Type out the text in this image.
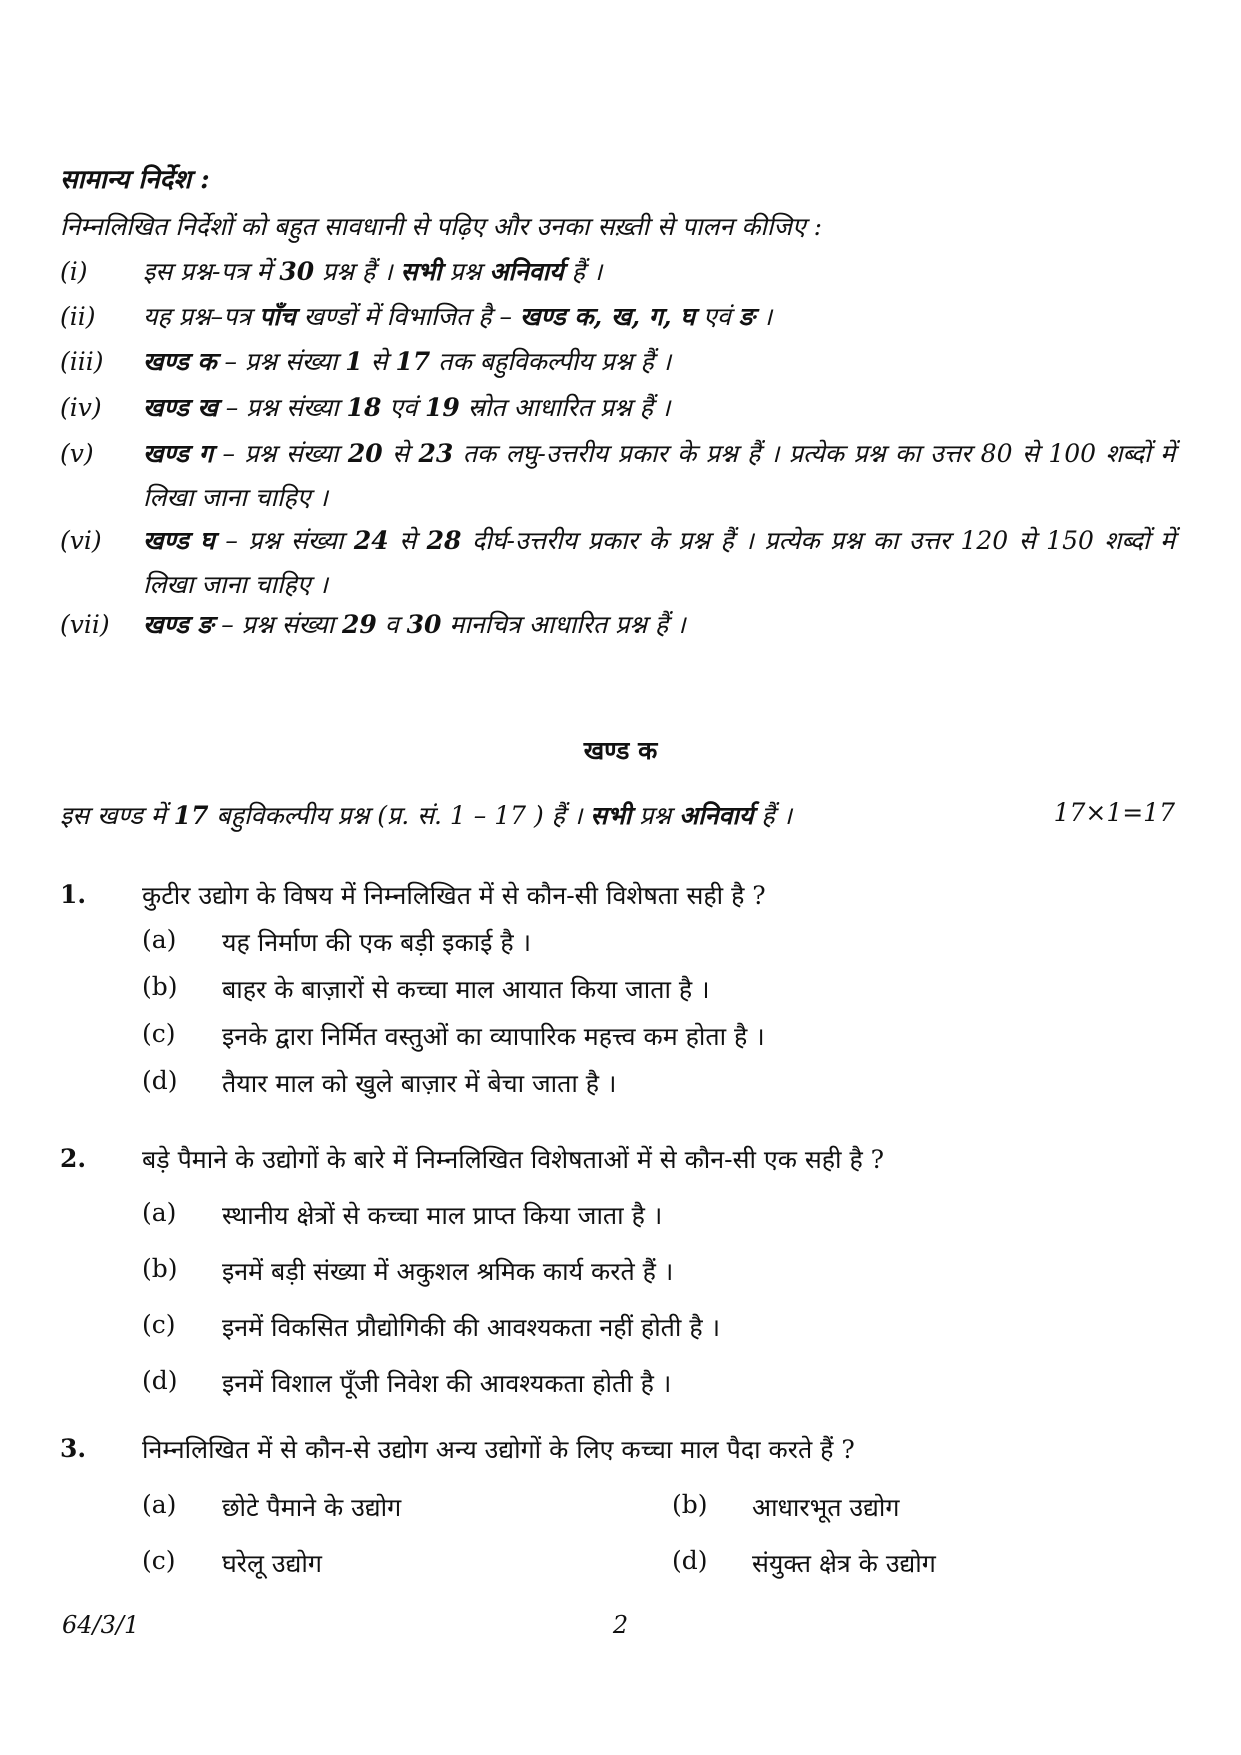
सामान्य निर्देश :
निम्नलिखित निर्देशों को बहुत सावधानी से पढ़िए और उनका सख़्ती से पालन कीजिए :
(i)	इस प्रश्न-पत्र में 30 प्रश्न हैं । सभी प्रश्न अनिवार्य हैं ।
(ii)	यह प्रश्न–पत्र पाँच खण्डों में विभाजित है – खण्ड क, ख, ग, घ एवं ङ ।
(iii)	खण्ड क – प्रश्न संख्या 1 से 17 तक बहुविकल्पीय प्रश्न हैं ।
(iv)	खण्ड ख – प्रश्न संख्या 18 एवं 19 स्रोत आधारित प्रश्न हैं ।
(v)	खण्ड ग – प्रश्न संख्या 20 से 23 तक लघु-उत्तरीय प्रकार के प्रश्न हैं । प्रत्येक प्रश्न का उत्तर 80 से 100 शब्दों में लिखा जाना चाहिए ।
(vi)	खण्ड घ – प्रश्न संख्या 24 से 28 दीर्घ-उत्तरीय प्रकार के प्रश्न हैं । प्रत्येक प्रश्न का उत्तर 120 से 150 शब्दों में लिखा जाना चाहिए ।
(vii)	खण्ड ङ – प्रश्न संख्या 29 व 30 मानचित्र आधारित प्रश्न हैं ।
खण्ड क
इस खण्ड में 17 बहुविकल्पीय प्रश्न (प्र. सं. 1 – 17 ) हैं । सभी प्रश्न अनिवार्य हैं ।	17×1=17
1. कुटीर उद्योग के विषय में निम्नलिखित में से कौन-सी विशेषता सही है ?
(a) यह निर्माण की एक बड़ी इकाई है ।
(b) बाहर के बाज़ारों से कच्चा माल आयात किया जाता है ।
(c) इनके द्वारा निर्मित वस्तुओं का व्यापारिक महत्त्व कम होता है ।
(d) तैयार माल को खुले बाज़ार में बेचा जाता है ।
2. बड़े पैमाने के उद्योगों के बारे में निम्नलिखित विशेषताओं में से कौन-सी एक सही है ?
(a) स्थानीय क्षेत्रों से कच्चा माल प्राप्त किया जाता है ।
(b) इनमें बड़ी संख्या में अकुशल श्रमिक कार्य करते हैं ।
(c) इनमें विकसित प्रौद्योगिकी की आवश्यकता नहीं होती है ।
(d) इनमें विशाल पूँजी निवेश की आवश्यकता होती है ।
3. निम्नलिखित में से कौन-से उद्योग अन्य उद्योगों के लिए कच्चा माल पैदा करते हैं ?
(a) छोटे पैमाने के उद्योग	(b) आधारभूत उद्योग
(c) घरेलू उद्योग	(d) संयुक्त क्षेत्र के उद्योग
64/3/1	2
